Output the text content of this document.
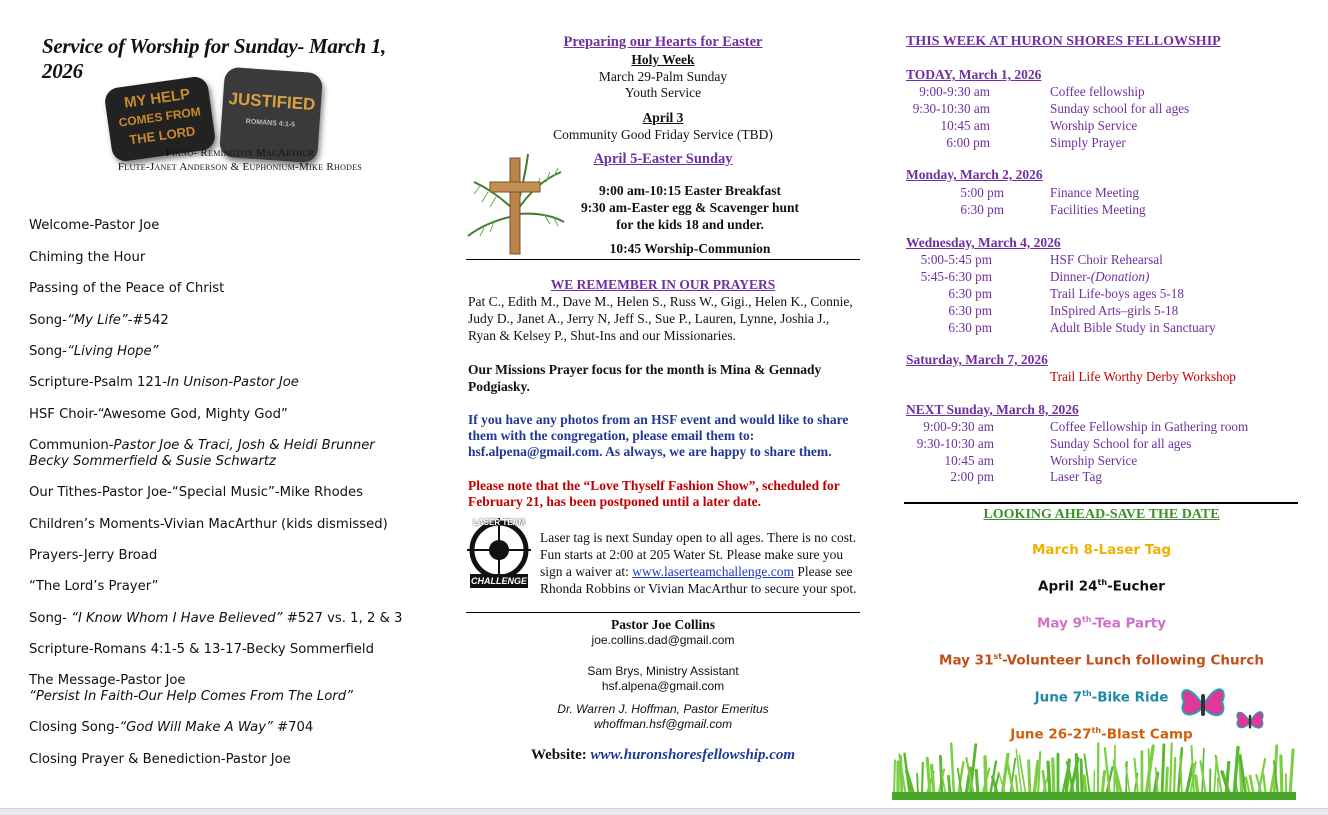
Service of Worship for Sunday- March 1, 2026
MY HELP
COMES FROM
THE LORD
JUSTIFIED
ROMANS 4:1-5
Piano- Remington MacArthur
Flute-Janet Anderson & Euphonium-Mike Rhodes
Welcome-Pastor Joe
Chiming the Hour
Passing of the Peace of Christ
Song-“My Life”-#542
Song-“Living Hope”
Scripture-Psalm 121-In Unison-Pastor Joe
HSF Choir-“Awesome God, Mighty God”
Communion-Pastor Joe & Traci, Josh & Heidi Brunner
Becky Sommerfield & Susie Schwartz
Our Tithes-Pastor Joe-“Special Music”-Mike Rhodes
Children’s Moments-Vivian MacArthur (kids dismissed)
Prayers-Jerry Broad
“The Lord’s Prayer”
Song- “I Know Whom I Have Believed” #527 vs. 1, 2 & 3
Scripture-Romans 4:1-5 & 13-17-Becky Sommerfield
The Message-Pastor Joe
“Persist In Faith-Our Help Comes From The Lord”
Closing Song-“God Will Make A Way” #704
Closing Prayer & Benediction-Pastor Joe
Preparing our Hearts for Easter
Holy Week
March 29-Palm Sunday
Youth Service
April 3
Community Good Friday Service (TBD)
April 5-Easter Sunday
9:00 am-10:15 Easter Breakfast
9:30 am-Easter egg & Scavenger hunt
for the kids 18 and under.
10:45 Worship-Communion
WE REMEMBER IN OUR PRAYERS
Pat C., Edith M., Dave M., Helen S., Russ W., Gigi., Helen K., Connie, Judy D., Janet A., Jerry N, Jeff S., Sue P., Lauren, Lynne, Joshia J., Ryan & Kelsey P., Shut-Ins and our Missionaries.
Our Missions Prayer focus for the month is Mina & Gennady Podgiasky.
If you have any photos from an HSF event and would like to share them with the congregation, please email them to: hsf.alpena@gmail.com. As always, we are happy to share them.
Please note that the “Love Thyself Fashion Show”, scheduled for February 21, has been postponed until a later date.
LASER TEAM
CHALLENGE
Laser tag is next Sunday open to all ages. There is no cost. Fun starts at 2:00 at 205 Water St. Please make sure you sign a waiver at: www.laserteamchallenge.com Please see Rhonda Robbins or Vivian MacArthur to secure your spot.
Pastor Joe Collins
joe.collins.dad@gmail.com
Sam Brys, Ministry Assistant
hsf.alpena@gmail.com
Dr. Warren J. Hoffman, Pastor Emeritus
whoffman.hsf@gmail.com
Website: www.huronshoresfellowship.com
THIS WEEK AT HURON SHORES FELLOWSHIP
TODAY, March 1, 2026
9:00-9:30 am	Coffee fellowship
9:30-10:30 am	Sunday school for all ages
10:45 am	Worship Service
6:00 pm	Simply Prayer
Monday, March 2, 2026
5:00 pm	Finance Meeting
6:30 pm	Facilities Meeting
Wednesday, March 4, 2026
5:00-5:45 pm	HSF Choir Rehearsal
5:45-6:30 pm	Dinner-(Donation)
6:30 pm	Trail Life-boys ages 5-18
6:30 pm	InSpired Arts–girls 5-18
6:30 pm	Adult Bible Study in Sanctuary
Saturday, March 7, 2026
Trail Life Worthy Derby Workshop
NEXT Sunday, March 8, 2026
9:00-9:30 am	Coffee Fellowship in Gathering room
9:30-10:30 am	Sunday School for all ages
10:45 am	Worship Service
2:00 pm	Laser Tag
LOOKING AHEAD-SAVE THE DATE
March 8-Laser Tag
April 24th-Eucher
May 9th-Tea Party
May 31st-Volunteer Lunch following Church
June 7th-Bike Ride
June 26-27th-Blast Camp
